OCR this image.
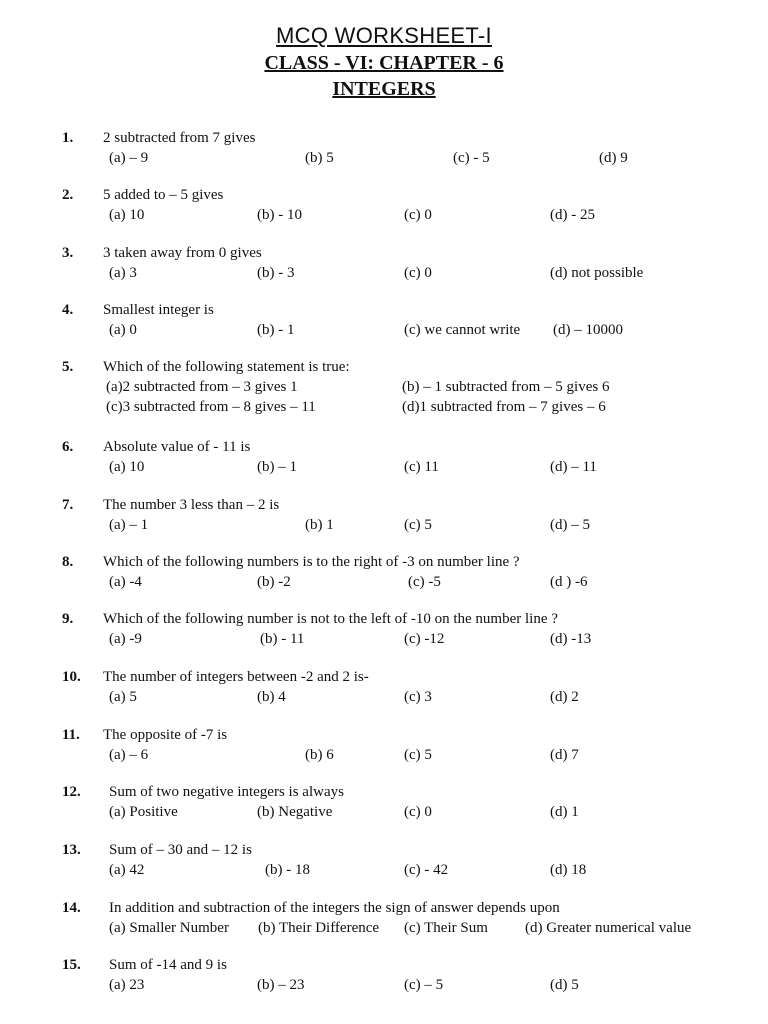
MCQ WORKSHEET-I
CLASS - VI: CHAPTER - 6
INTEGERS
1. 2 subtracted from 7 gives
(a) – 9	(b) 5	(c) - 5	(d) 9
2. 5 added to – 5 gives
(a) 10	(b) - 10	(c) 0	(d) - 25
3. 3 taken away from 0 gives
(a) 3	(b) - 3	(c) 0	(d) not possible
4. Smallest integer is
(a) 0	(b) - 1	(c) we cannot write (d) – 10000
5. Which of the following statement is true:
(a)2 subtracted from – 3 gives 1	(b) – 1 subtracted from – 5 gives 6
(c)3 subtracted from – 8 gives – 11	(d)1 subtracted from – 7 gives – 6
6. Absolute value of - 11 is
(a) 10	(b) – 1	(c) 11	(d) – 11
7. The number 3 less than – 2 is
(a) – 1	(b) 1	(c) 5	(d) – 5
8. Which of the following numbers is to the right of -3 on number line ?
(a) -4	(b) -2	(c) -5	(d ) -6
9. Which of the following number is not to the left of -10 on the number line ?
(a) -9	(b) - 11	(c) -12	(d) -13
10. The number of integers between -2 and 2 is-
(a) 5	(b) 4	(c) 3	(d) 2
11. The opposite of -7 is
(a) – 6	(b) 6	(c) 5	(d) 7
12. Sum of two negative integers is always
(a) Positive	(b) Negative	(c) 0	(d) 1
13. Sum of – 30 and – 12 is
(a) 42	(b) - 18	(c) - 42	(d) 18
14. In addition and subtraction of the integers the sign of answer depends upon
(a) Smaller Number (b) Their Difference (c) Their Sum (d) Greater numerical value
15. Sum of -14 and 9 is
(a) 23	(b) – 23	(c) – 5	(d) 5
